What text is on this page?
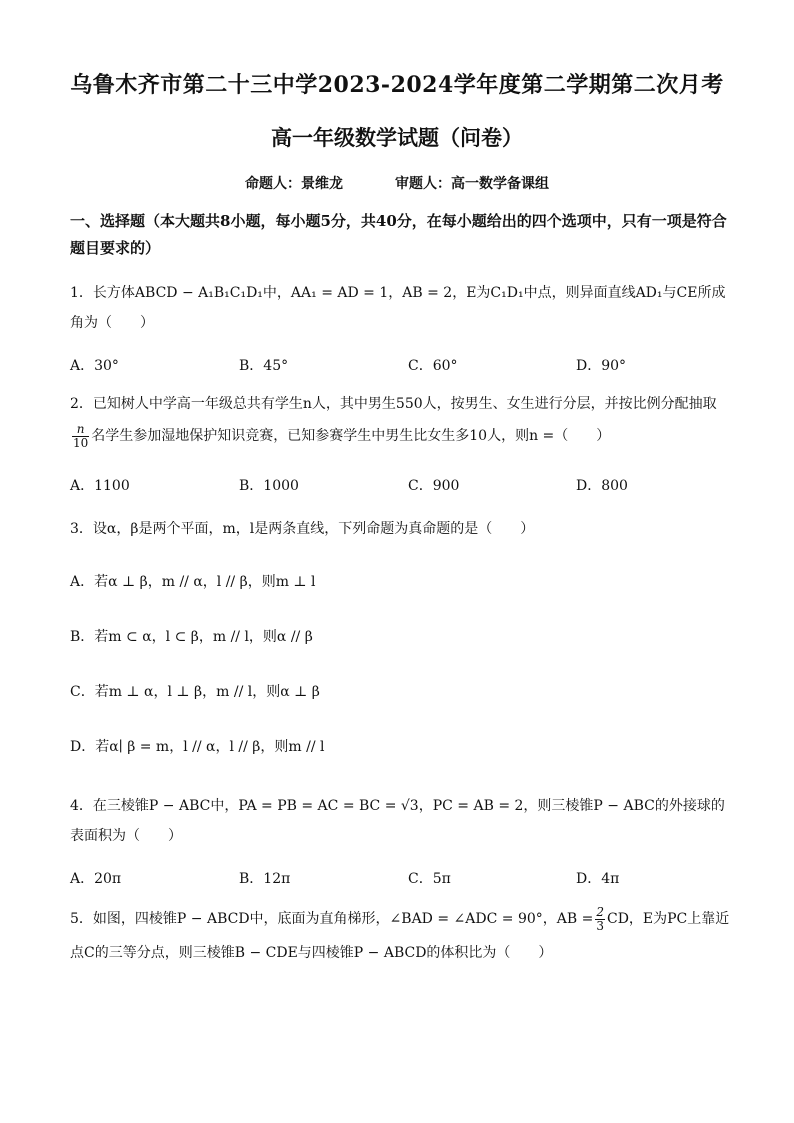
乌鲁木齐市第二十三中学2023-2024学年度第二学期第二次月考
高一年级数学试题（问卷）
命题人：景维龙	审题人：高一数学备课组
一、选择题（本大题共8小题，每小题5分，共40分，在每小题给出的四个选项中，只有一项是符合题目要求的）
1．长方体ABCD − A₁B₁C₁D₁中，AA₁ = AD = 1，AB = 2，E为C₁D₁中点，则异面直线AD₁与CE所成角为（　　）
A．30°	B．45°	C．60°	D．90°
2．已知树人中学高一年级总共有学生n人，其中男生550人，按男生、女生进行分层，并按比例分配抽取
$\frac{n}{10}$ 名学生参加湿地保护知识竞赛，已知参赛学生中男生比女生多10人，则n =（　　）
A．1100	B．1000	C．900	D．800
3．设α，β是两个平面，m，l是两条直线，下列命题为真命题的是（　　）
A．若α ⊥ β，m // α，l // β，则m ⊥ l
B．若m ⊂ α，l ⊂ β，m // l，则α // β
C．若m ⊥ α，l ⊥ β，m // l，则α ⊥ β
D．若α∣ β = m，l // α，l // β，则m // l
4．在三棱锥P − ABC中，PA = PB = AC = BC = √3，PC = AB = 2，则三棱锥P − ABC的外接球的表面积为（　　）
A．20π	B．12π	C．5π	D．4π
5．如图，四棱锥P − ABCD中，底面为直角梯形，∠BAD = ∠ADC = 90°，AB = $\frac{2}{3}$ CD，E为PC上靠近点C的三等分点，则三棱锥B − CDE与四棱锥P − ABCD的体积比为（　　）
